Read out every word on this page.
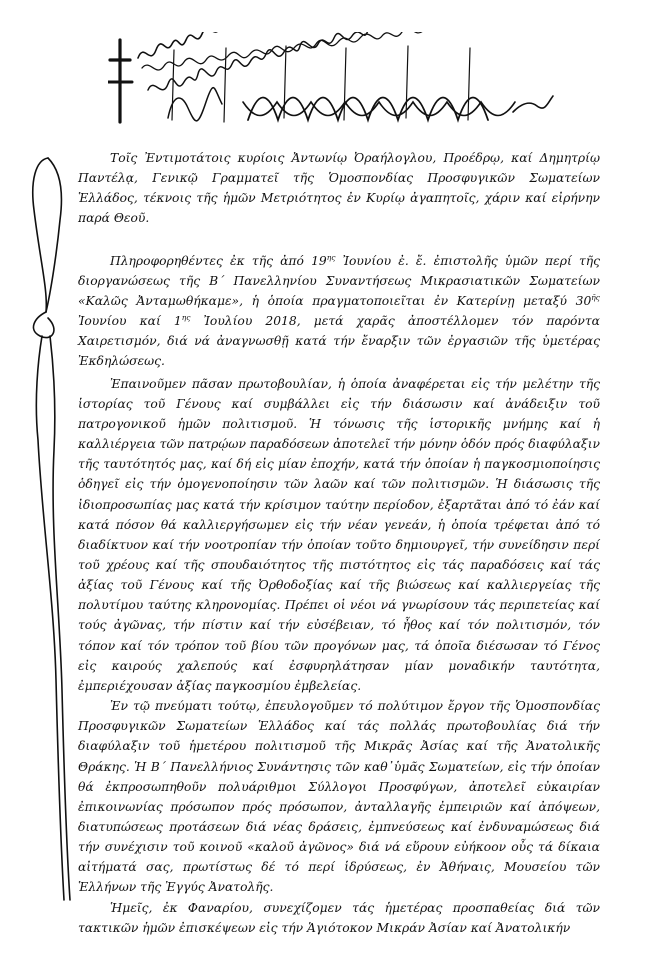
Τοῖς Ἐντιμοτάτοις κυρίοις Ἀντωνίῳ Ὀραήλογλου, Προέδρῳ, καί Δημητρίῳ Παντέλᾳ, Γενικῷ Γραμματεῖ τῆς Ὁμοσπονδίας Προσφυγικῶν Σωματείων Ἑλλάδος, τέκνοις τῆς ἡμῶν Μετριότητος ἐν Κυρίῳ ἀγαπητοῖς, χάριν καί εἰρήνην παρά Θεοῦ.

Πληροφορηθέντες ἐκ τῆς ἀπό $19^{\eta\varsigma}$ Ἰουνίου ἐ. ἔ. ἐπιστολῆς ὑμῶν περί τῆς διοργανώσεως τῆς Β΄ Πανελληνίου Συναντήσεως Μικρασιατικῶν Σωματείων «Καλῶς Ἀνταμωθήκαμε», ἡ ὁποία πραγματοποιεῖται ἐν Κατερίνῃ μεταξύ $30^{ῆ\varsigma}$ Ἰουνίου καί $1^{\eta\varsigma}$ Ἰουλίου 2018, μετά χαρᾶς ἀποστέλλομεν τόν παρόντα Χαιρετισμόν, διά νά ἀναγνωσθῇ κατά τήν ἔναρξιν τῶν ἐργασιῶν τῆς ὑμετέρας Ἐκδηλώσεως.

Ἐπαινοῦμεν πᾶσαν πρωτοβουλίαν, ἡ ὁποία ἀναφέρεται εἰς τήν μελέτην τῆς ἱστορίας τοῦ Γένους καί συμβάλλει εἰς τήν διάσωσιν καί ἀνάδειξιν τοῦ πατρογονικοῦ ἡμῶν πολιτισμοῦ. Ἡ τόνωσις τῆς ἱστορικῆς μνήμης καί ἡ καλλιέργεια τῶν πατρῴων παραδόσεων ἀποτελεῖ τήν μόνην ὁδόν πρός διαφύλαξιν τῆς ταυτότητός μας, καί δή εἰς μίαν ἐποχήν, κατά τήν ὁποίαν ἡ παγκοσμιοποίησις ὁδηγεῖ εἰς τήν ὁμογενοποίησιν τῶν λαῶν καί τῶν πολιτισμῶν. Ἡ διάσωσις τῆς ἰδιοπροσωπίας μας κατά τήν κρίσιμον ταύτην περίοδον, ἐξαρτᾶται ἀπό τό ἐάν καί κατά πόσον θά καλλιεργήσωμεν εἰς τήν νέαν γενεάν, ἡ ὁποία τρέφεται ἀπό τό διαδίκτυον καί τήν νοοτροπίαν τήν ὁποίαν τοῦτο δημιουργεῖ, τήν συνείδησιν περί τοῦ χρέους καί τῆς σπουδαιότητος τῆς πιστότητος εἰς τάς παραδόσεις καί τάς ἀξίας τοῦ Γένους καί τῆς Ὀρθοδοξίας καί τῆς βιώσεως καί καλλιεργείας τῆς πολυτίμου ταύτης κληρονομίας. Πρέπει οἱ νέοι νά γνωρίσουν τάς περιπετείας καί τούς ἀγῶνας, τήν πίστιν καί τήν εὐσέβειαν, τό ἦθος καί τόν πολιτισμόν, τόν τόπον καί τόν τρόπον τοῦ βίου τῶν προγόνων μας, τά ὁποῖα διέσωσαν τό Γένος εἰς καιρούς χαλεπούς καί ἐσφυρηλάτησαν μίαν μοναδικήν ταυτότητα, ἐμπεριέχουσαν ἀξίας παγκοσμίου ἐμβελείας.

Ἐν τῷ πνεύματι τούτῳ, ἐπευλογοῦμεν τό πολύτιμον ἔργον τῆς Ὁμοσπονδίας Προσφυγικῶν Σωματείων Ἑλλάδος καί τάς πολλάς πρωτοβουλίας διά τήν διαφύλαξιν τοῦ ἡμετέρου πολιτισμοῦ τῆς Μικρᾶς Ἀσίας καί τῆς Ἀνατολικῆς Θράκης. Ἡ Β΄ Πανελλήνιος Συνάντησις τῶν καθ᾿ὑμᾶς Σωματείων, εἰς τήν ὁποίαν θά ἐκπροσωπηθοῦν πολυάριθμοι Σύλλογοι Προσφύγων, ἀποτελεῖ εὐκαιρίαν ἐπικοινωνίας πρόσωπον πρός πρόσωπον, ἀνταλλαγῆς ἐμπειριῶν καί ἀπόψεων, διατυπώσεως προτάσεων διά νέας δράσεις, ἐμπνεύσεως καί ἐνδυναμώσεως διά τήν συνέχισιν τοῦ κοινοῦ «καλοῦ ἀγῶνος» διά νά εὕρουν εὐήκοον οὖς τά δίκαια αἰτήματά σας, πρωτίστως δέ τό περί ἱδρύσεως, ἐν Ἀθήναις, Μουσείου τῶν Ἑλλήνων τῆς Ἐγγύς Ἀνατολῆς.

Ἡμεῖς, ἐκ Φαναρίου, συνεχίζομεν τάς ἡμετέρας προσπαθείας διά τῶν τακτικῶν ἡμῶν ἐπισκέψεων εἰς τήν Ἁγιότοκον Μικράν Ἀσίαν καί Ἀνατολικήν
